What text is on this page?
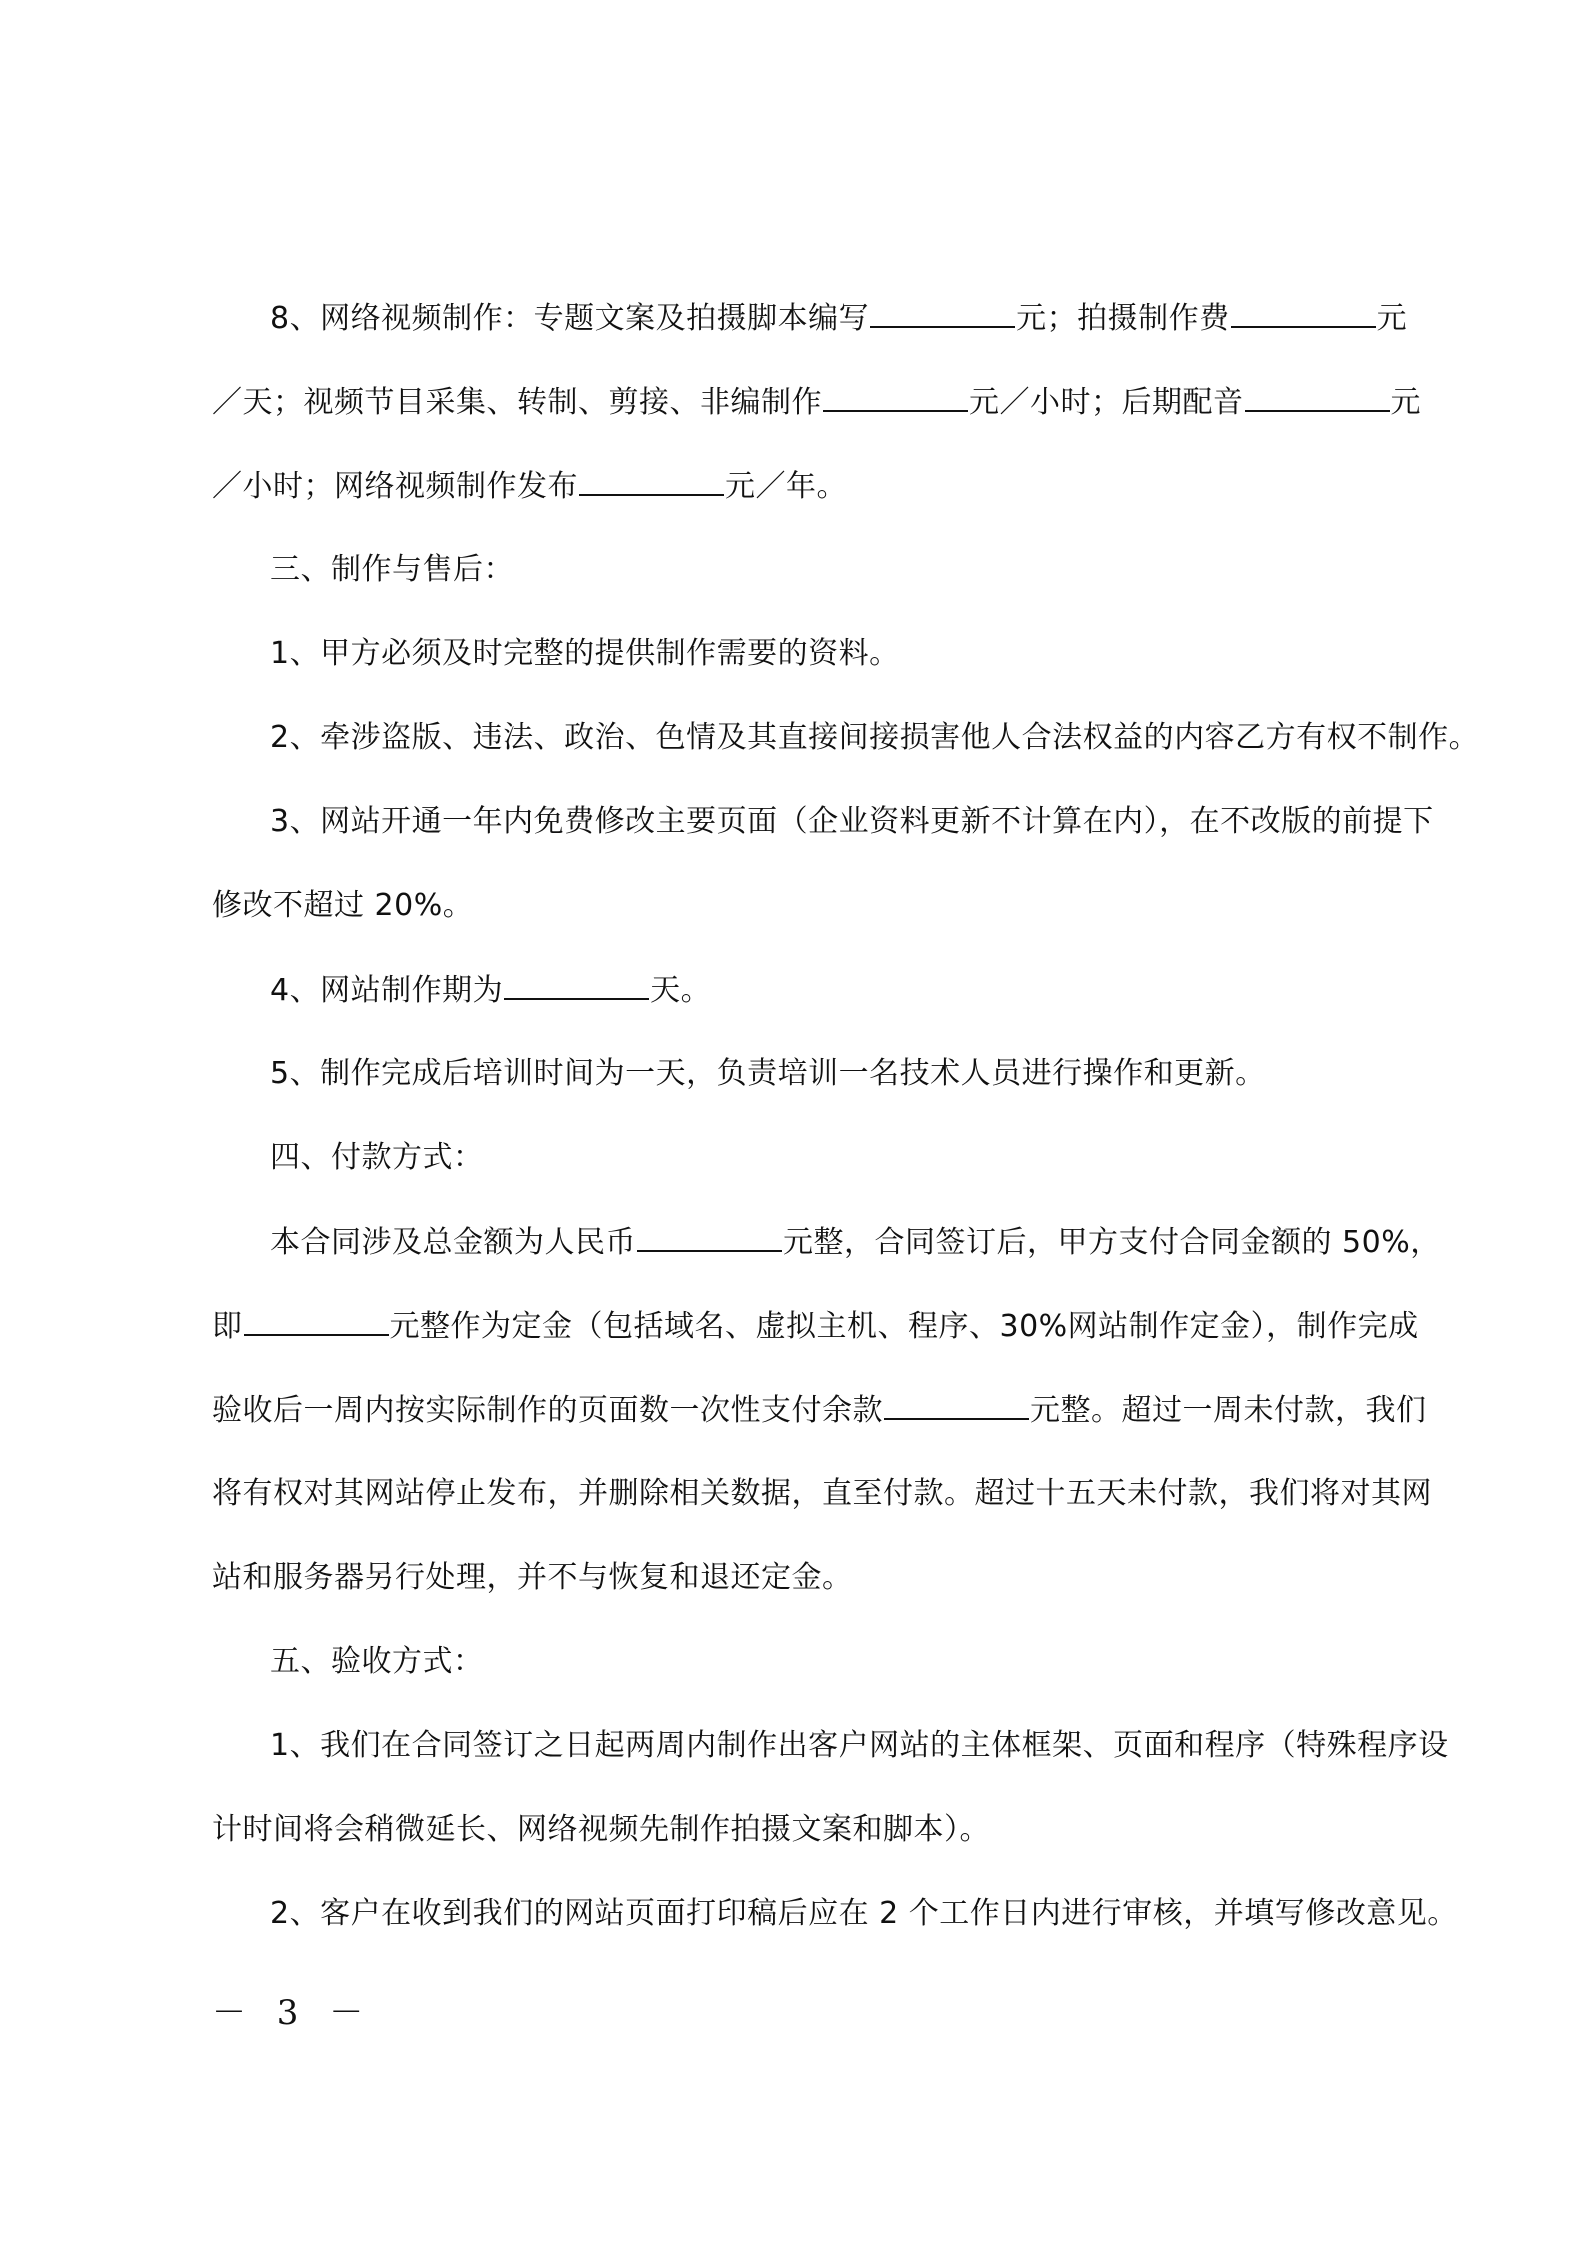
8、网络视频制作：专题文案及拍摄脚本编写	元；拍摄制作费	元
／天；视频节目采集、转制、剪接、非编制作	元／小时；后期配音	元
／小时；网络视频制作发布	元／年。
三、制作与售后：
1、甲方必须及时完整的提供制作需要的资料。
2、牵涉盗版、违法、政治、色情及其直接间接损害他人合法权益的内容乙方有权不制作。
3、网站开通一年内免费修改主要页面（企业资料更新不计算在内），在不改版的前提下
修改不超过 20%。
4、网站制作期为	天。
5、制作完成后培训时间为一天，负责培训一名技术人员进行操作和更新。
四、付款方式：
本合同涉及总金额为人民币	元整，合同签订后，甲方支付合同金额的 50%，
即	元整作为定金（包括域名、虚拟主机、程序、30%网站制作定金），制作完成
验收后一周内按实际制作的页面数一次性支付余款	元整。超过一周未付款，我们
将有权对其网站停止发布，并删除相关数据，直至付款。超过十五天未付款，我们将对其网
站和服务器另行处理，并不与恢复和退还定金。
五、验收方式：
1、我们在合同签订之日起两周内制作出客户网站的主体框架、页面和程序（特殊程序设
计时间将会稍微延长、网络视频先制作拍摄文案和脚本）。
2、客户在收到我们的网站页面打印稿后应在 2 个工作日内进行审核，并填写修改意见。
－ 3 －
